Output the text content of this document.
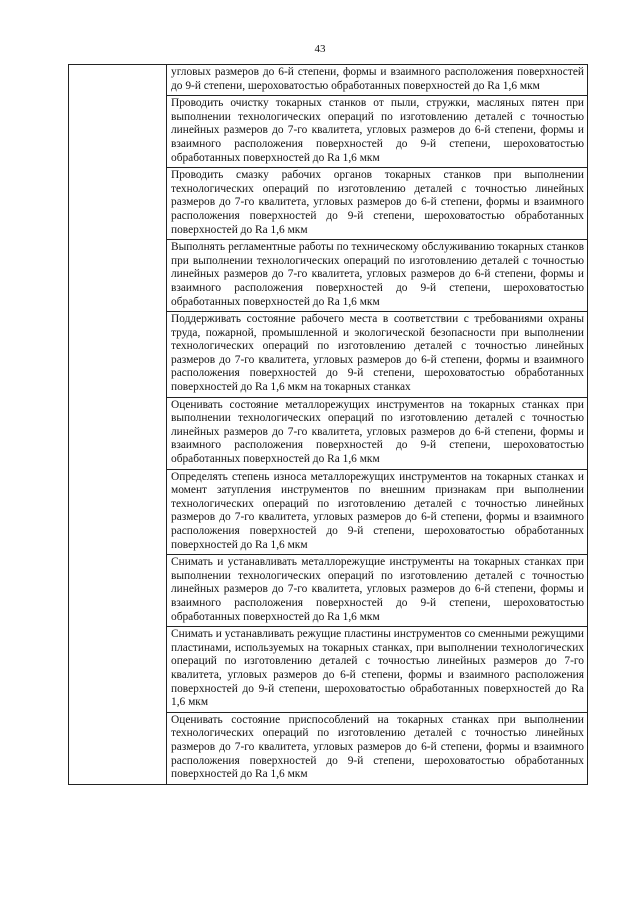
43

угловых размеров до 6-й степени, формы и взаимного расположения поверхностей до 9-й степени, шероховатостью обработанных поверхностей до Ra 1,6 мкм

Проводить очистку токарных станков от пыли, стружки, масляных пятен при выполнении технологических операций по изготовлению деталей с точностью линейных размеров до 7-го квалитета, угловых размеров до 6-й степени, формы и взаимного расположения поверхностей до 9-й степени, шероховатостью обработанных поверхностей до Ra 1,6 мкм

Проводить смазку рабочих органов токарных станков при выполнении технологических операций по изготовлению деталей с точностью линейных размеров до 7-го квалитета, угловых размеров до 6-й степени, формы и взаимного расположения поверхностей до 9-й степени, шероховатостью обработанных поверхностей до Ra 1,6 мкм

Выполнять регламентные работы по техническому обслуживанию токарных станков при выполнении технологических операций по изготовлению деталей с точностью линейных размеров до 7-го квалитета, угловых размеров до 6-й степени, формы и взаимного расположения поверхностей до 9-й степени, шероховатостью обработанных поверхностей до Ra 1,6 мкм

Поддерживать состояние рабочего места в соответствии с требованиями охраны труда, пожарной, промышленной и экологической безопасности при выполнении технологических операций по изготовлению деталей с точностью линейных размеров до 7-го квалитета, угловых размеров до 6-й степени, формы и взаимного расположения поверхностей до 9-й степени, шероховатостью обработанных поверхностей до Ra 1,6 мкм на токарных станках

Оценивать состояние металлорежущих инструментов на токарных станках при выполнении технологических операций по изготовлению деталей с точностью линейных размеров до 7-го квалитета, угловых размеров до 6-й степени, формы и взаимного расположения поверхностей до 9-й степени, шероховатостью обработанных поверхностей до Ra 1,6 мкм

Определять степень износа металлорежущих инструментов на токарных станках и момент затупления инструментов по внешним признакам при выполнении технологических операций по изготовлению деталей с точностью линейных размеров до 7-го квалитета, угловых размеров до 6-й степени, формы и взаимного расположения поверхностей до 9-й степени, шероховатостью обработанных поверхностей до Ra 1,6 мкм

Снимать и устанавливать металлорежущие инструменты на токарных станках при выполнении технологических операций по изготовлению деталей с точностью линейных размеров до 7-го квалитета, угловых размеров до 6-й степени, формы и взаимного расположения поверхностей до 9-й степени, шероховатостью обработанных поверхностей до Ra 1,6 мкм

Снимать и устанавливать режущие пластины инструментов со сменными режущими пластинами, используемых на токарных станках, при выполнении технологических операций по изготовлению деталей с точностью линейных размеров до 7-го квалитета, угловых размеров до 6-й степени, формы и взаимного расположения поверхностей до 9-й степени, шероховатостью обработанных поверхностей до Ra 1,6 мкм

Оценивать состояние приспособлений на токарных станках при выполнении технологических операций по изготовлению деталей с точностью линейных размеров до 7-го квалитета, угловых размеров до 6-й степени, формы и взаимного расположения поверхностей до 9-й степени, шероховатостью обработанных поверхностей до Ra 1,6 мкм
